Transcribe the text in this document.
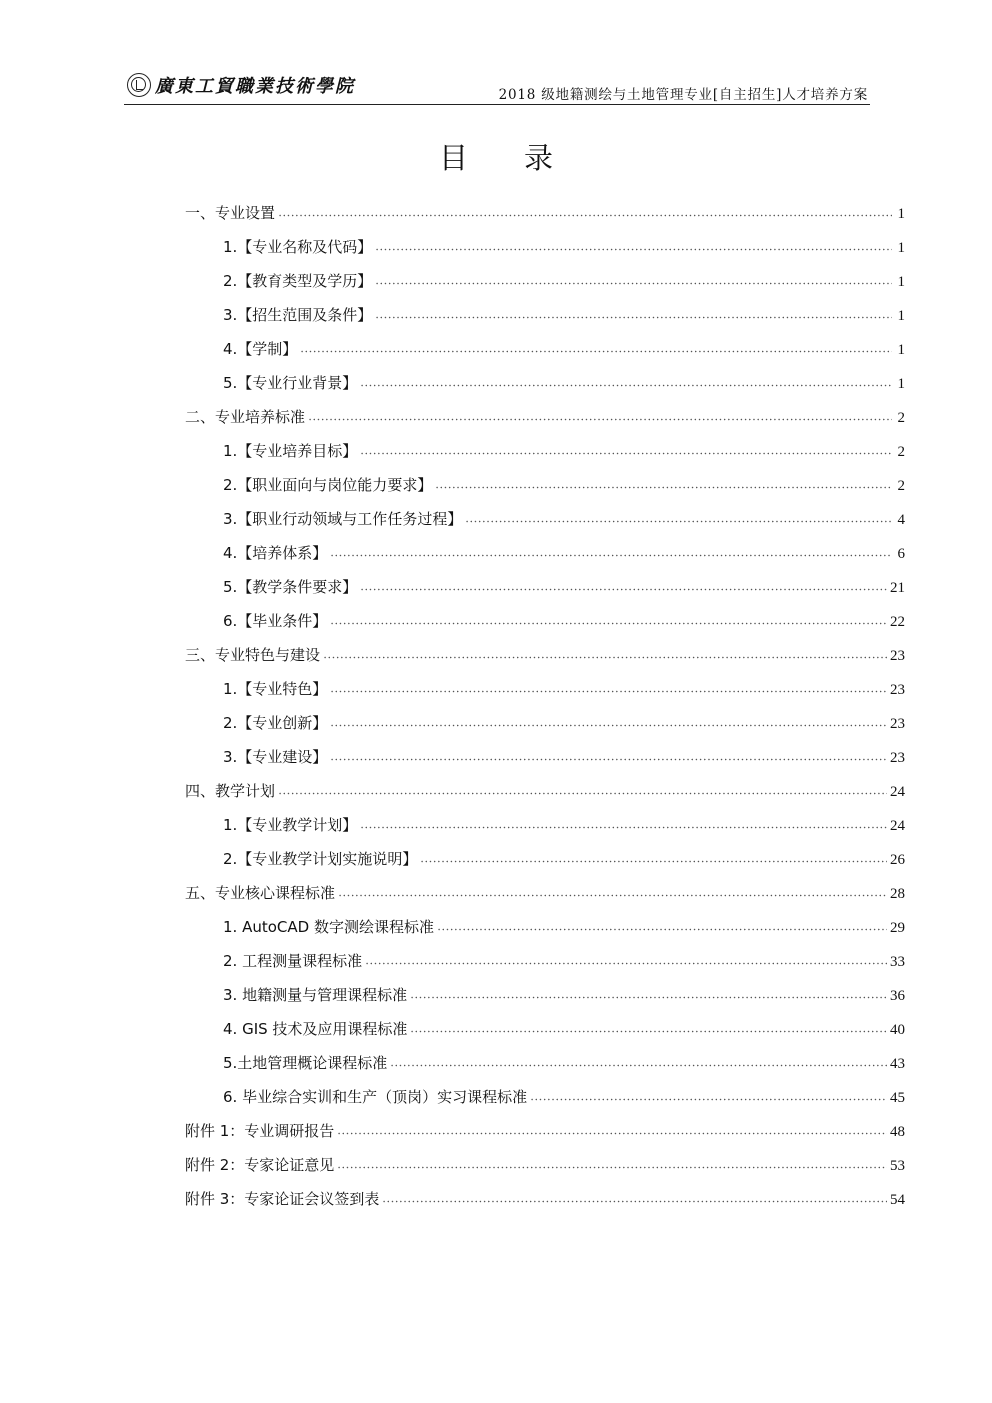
廣東工貿職業技術學院	2018 级地籍测绘与土地管理专业[自主招生]人才培养方案
目录
一、专业设置	1
1.【专业名称及代码】	1
2.【教育类型及学历】	1
3.【招生范围及条件】	1
4.【学制】	1
5.【专业行业背景】	1
二、专业培养标准	2
1.【专业培养目标】	2
2.【职业面向与岗位能力要求】	2
3.【职业行动领域与工作任务过程】	4
4.【培养体系】	6
5.【教学条件要求】	21
6.【毕业条件】	22
三、专业特色与建设	23
1.【专业特色】	23
2.【专业创新】	23
3.【专业建设】	23
四、教学计划	24
1.【专业教学计划】	24
2.【专业教学计划实施说明】	26
五、专业核心课程标准	28
1. AutoCAD 数字测绘课程标准	29
2. 工程测量课程标准	33
3. 地籍测量与管理课程标准	36
4. GIS 技术及应用课程标准	40
5.土地管理概论课程标准	43
6. 毕业综合实训和生产（顶岗）实习课程标准	45
附件 1：专业调研报告	48
附件 2：专家论证意见	53
附件 3：专家论证会议签到表	54
